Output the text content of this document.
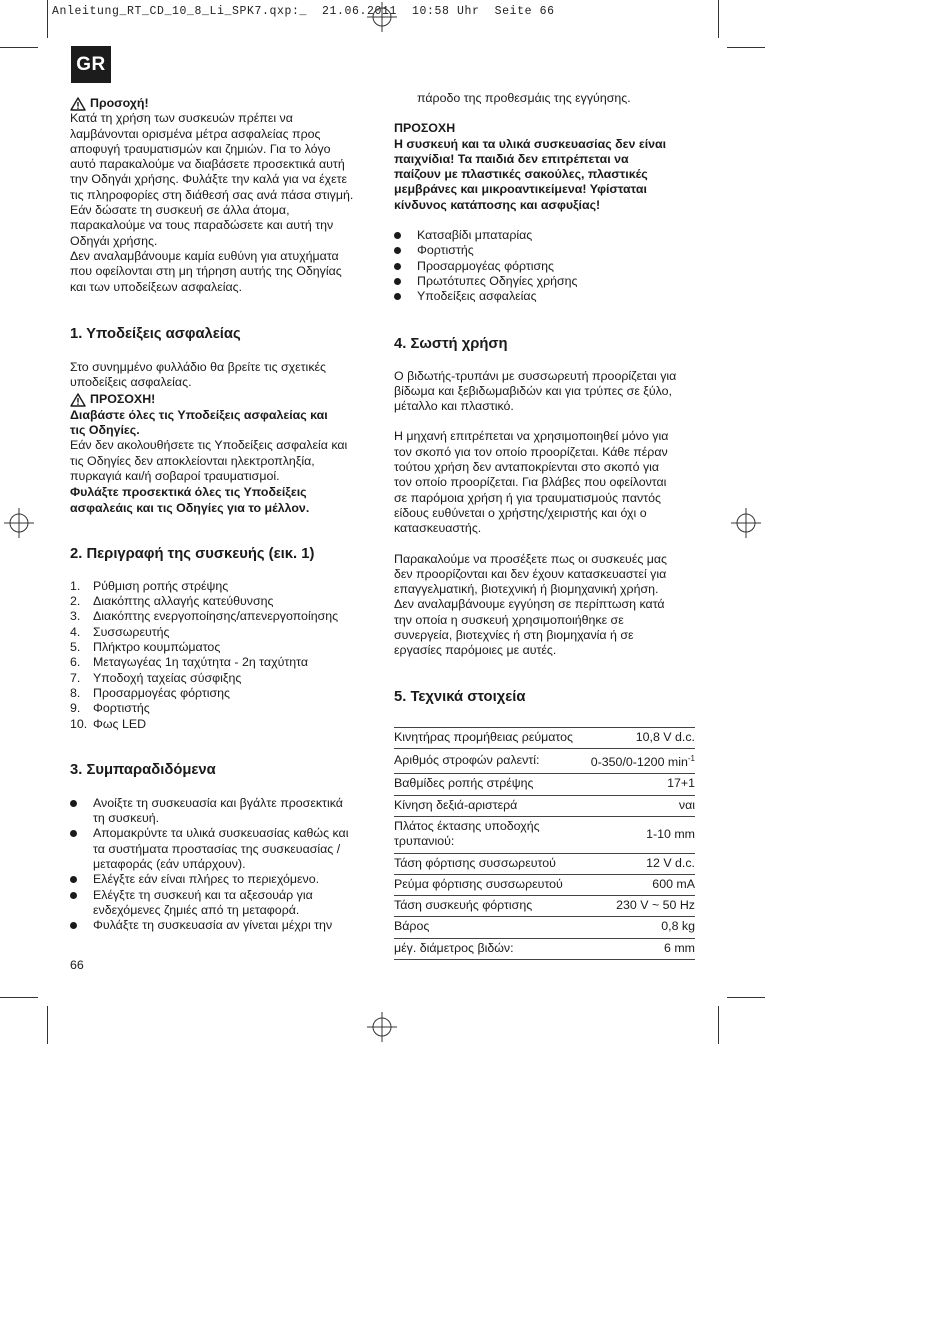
Anleitung_RT_CD_10_8_Li_SPK7.qxp:_  21.06.2011  10:58 Uhr  Seite 66
GR
Προσοχή!

Κατά τη χρήση των συσκευών πρέπει να
λαμβάνονται ορισμένα μέτρα ασφαλείας προς
αποφυγή τραυματισμών και ζημιών. Για το λόγο
αυτό παρακαλούμε να διαβάσετε προσεκτικά αυτή
την Οδηγάι χρήσης. Φυλάξτε την καλά για να έχετε
τις πληροφορίες στη διάθεσή σας ανά πάσα στιγμή.
Εάν δώσατε τη συσκευή σε άλλα άτομα,
παρακαλούμε να τους παραδώσετε και αυτή την
Οδηγάι χρήσης.

Δεν αναλαμβάνουμε καμία ευθύνη για ατυχήματα
που οφείλονται στη μη τήρηση αυτής της Οδηγίας
και των υποδείξεων ασφαλείας.

1. Υποδείξεις ασφαλείας

Στο συνημμένο φυλλάδιο θα βρείτε τις σχετικές
υποδείξεις ασφαλείας.

ΠΡΟΣΟΧΗ!

Διαβάστε όλες τις Υποδείξεις ασφαλείας και
τις Οδηγίες.

Εάν δεν ακολουθήσετε τις Υποδείξεις ασφαλεία και
τις Οδηγίες δεν αποκλείονται ηλεκτροπληξία,
πυρκαγιά και/ή σοβαροί τραυματισμοί.

Φυλάξτε προσεκτικά όλες τις Υποδείξεις
ασφαλεάις και τις Οδηγίες για το μέλλον.

2. Περιγραφή της συσκευής (εικ. 1)
1.	Ρύθμιση ροπής στρέψης
2.	Διακόπτης αλλαγής κατεύθυνσης
3.	Διακόπτης ενεργοποίησης/απενεργοποίησης
4.	Συσσωρευτής
5.	Πλήκτρο κουμπώματος
6.	Μεταγωγέας 1η ταχύτητα - 2η ταχύτητα
7.	Υποδοχή ταχείας σύσφιξης
8.	Προσαρμογέας φόρτισης
9.	Φορτιστής
10. Φως LED
3. Συμπαραδιδόμενα
Ανοίξτε τη συσκευασία και βγάλτε προσεκτικά
τη συσκευή.
Απομακρύντε τα υλικά συσκευασίας καθώς και
τα συστήματα προστασίας της συσκευασίας /
μεταφοράς (εάν υπάρχουν).
Ελέγξτε εάν είναι πλήρες το περιεχόμενο.
Ελέγξτε τη συσκευή και τα αξεσουάρ για
ενδεχόμενες ζημιές από τη μεταφορά.
Φυλάξτε τη συσκευασία αν γίνεται μέχρι την
66

πάροδο της προθεσμάις της εγγύησης.

ΠΡΟΣΟΧΗ

Η συσκευή και τα υλικά συσκευασίας δεν είναι
παιχνίδια! Τα παιδιά δεν επιτρέπεται να
παίζουν με πλαστικές σακούλες, πλαστικές
μεμβράνες και μικροαντικείμενα! Υφίσταται
κίνδυνος κατάποσης και ασφυξίας!

Κατσαβίδι μπαταρίας
Φορτιστής
Προσαρμογέας φόρτισης
Πρωτότυπες Οδηγίες χρήσης
Υποδείξεις ασφαλείας
4. Σωστή χρήση

Ο βιδωτής-τρυπάνι με συσσωρευτή προορίζεται για
βίδωμα και ξεβιδωμαβιδών και για τρύπες σε ξύλο,
μέταλλο και πλαστικό.

Η μηχανή επιτρέπεται να χρησιμοποιηθεί μόνο για
τον σκοπό για τον οποίο προορίζεται. Κάθε πέραν
τούτου χρήση δεν ανταποκρίενται στο σκοπό για
τον οποίο προορίζεται. Για βλάβες που οφείλονται
σε παρόμοια χρήση ή για τραυματισμούς παντός
είδους ευθύνεται ο χρήστης/χειριστής και όχι ο
κατασκευαστής.

Παρακαλούμε να προσέξετε πως οι συσκευές μας
δεν προορίζονται και δεν έχουν κατασκευαστεί για
επαγγελματική, βιοτεχνική ή βιομηχανική χρήση.
Δεν αναλαμβάνουμε εγγύηση σε περίπτωση κατά
την οποία η συσκευή χρησιμοποιήθηκε σε
συνεργεία, βιοτεχνίες ή στη βιομηχανία ή σε
εργασίες παρόμοιες με αυτές.

5. Τεχνικά στοιχεία
Κινητήρας προμήθειας ρεύματος	10,8 V d.c.
Αριθμός στροφών ραλεντί:	0-350/0-1200 $\min^{-1}$
Βαθμίδες ροπής στρέψης	17+1
Κίνηση δεξιά-αριστερά	ναι
Πλάτος έκτασης υποδοχής τρυπανιού:	1-10 mm
Τάση φόρτισης συσσωρευτού	12 V d.c.
Ρεύμα φόρτισης συσσωρευτού	600 mA
Τάση συσκευής φόρτισης	230 V ~ 50 Hz
Βάρος	0,8 kg
μέγ. διάμετρος βιδών:	6 mm
